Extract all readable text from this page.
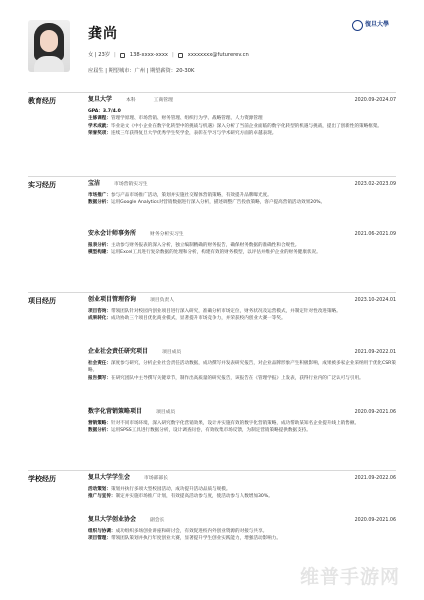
龚尚
女 | 23岁 |	138-xxxx-xxxx |	xxxxxxxx@futurerev.cn
应届生 | 期望城市：广州 | 期望薪资：20-30K
復旦大學
教育经历	复旦大学	本科	工商管理	2020.09-2024.07
GPA：3.7/4.0
主修课程：管理学原理、市场营销、财务管理、组织行为学、战略管理、人力资源管理
学术成就：毕业论文《中小企业在数字化转型中的挑战与机遇》深入分析了当前企业面临的数字化转型的机遇与挑战，提出了创新性的策略框架。
荣誉奖项：连续三年获得复旦大学优秀学生奖学金，表彰在学习与学术研究方面的卓越表现。
实习经历	宝洁	市场营销实习生	2023.02-2023.09
市场推广：参与产品市场推广活动，策划并实施社交媒体营销策略，有效提升品牌曝光度。
数据分析：运用Google Analytics对营销数据进行深入分析，描述调整广告投放策略，客户提高营销活动效果20%。
安永会计师事务所	财务分析实习生	2021.06-2021.09
报表分析：主动参与财务报表的深入分析，独立编制精确的财务报告，确保财务数据的准确性和合规性。
模型构建：运用Excel工具进行复杂数据的处理和分析，构建有效的财务模型，以评估并维护企业的财务健康状况。
项目经历	创业项目管理咨询	项目负责人	2023.10-2024.01
项目咨询：带领团队针对校园内创业项目进行深入研究，准确分析市场定位，财务状况及运营模式，并制定针对性改进策略。
成果转化：成功协助三个项目优化商业模式，显著提升市场竞争力，并荣获校内创业大赛一等奖。
企业社会责任研究项目	项目成员	2021.09-2022.01
社会责任：深度参与研究，分析企业社会责任活动数据，成功撰写并发表研究报告，对企业品牌形象产生积极影响，成果被多家企业采纳用于优化CSR策略。
报告撰写：在研究团队中主导撰写关键章节，制作出高质量的研究报告，该报告在《管理学报》上发表，获得行业内的广泛认可与引用。
数字化营销策略项目	项目成员	2020.09-2021.06
营销策略：针对不同市场环境，深入研究数字化营销效果，设计并实施有效的数字化营销策略，成功帮助某知名企业提升线上销售额。
数据分析：运用SPSS工具进行数据分析，设计调查问卷，有效收集市场反馈，为制定营销策略提供数据支持。
学校经历	复旦大学学生会	市场部部长	2021.09-2022.06
活动策划：策划并执行多项大型校园活动，成功提升活动品质与规模。
推广与宣传：制定并实施市场推广计划，有效提高活动参与度，使活动参与人数增加30%。
复旦大学创业协会	副会长	2020.09-2021.06
组织与协调：成功组织多场创业讲座和研讨会，有效促进校内外创业资源的对接与共享。
项目管理：带领团队策划并执行年度创业大赛，显著提升学生创业实践能力，增强活动影响力。
维普手游网
